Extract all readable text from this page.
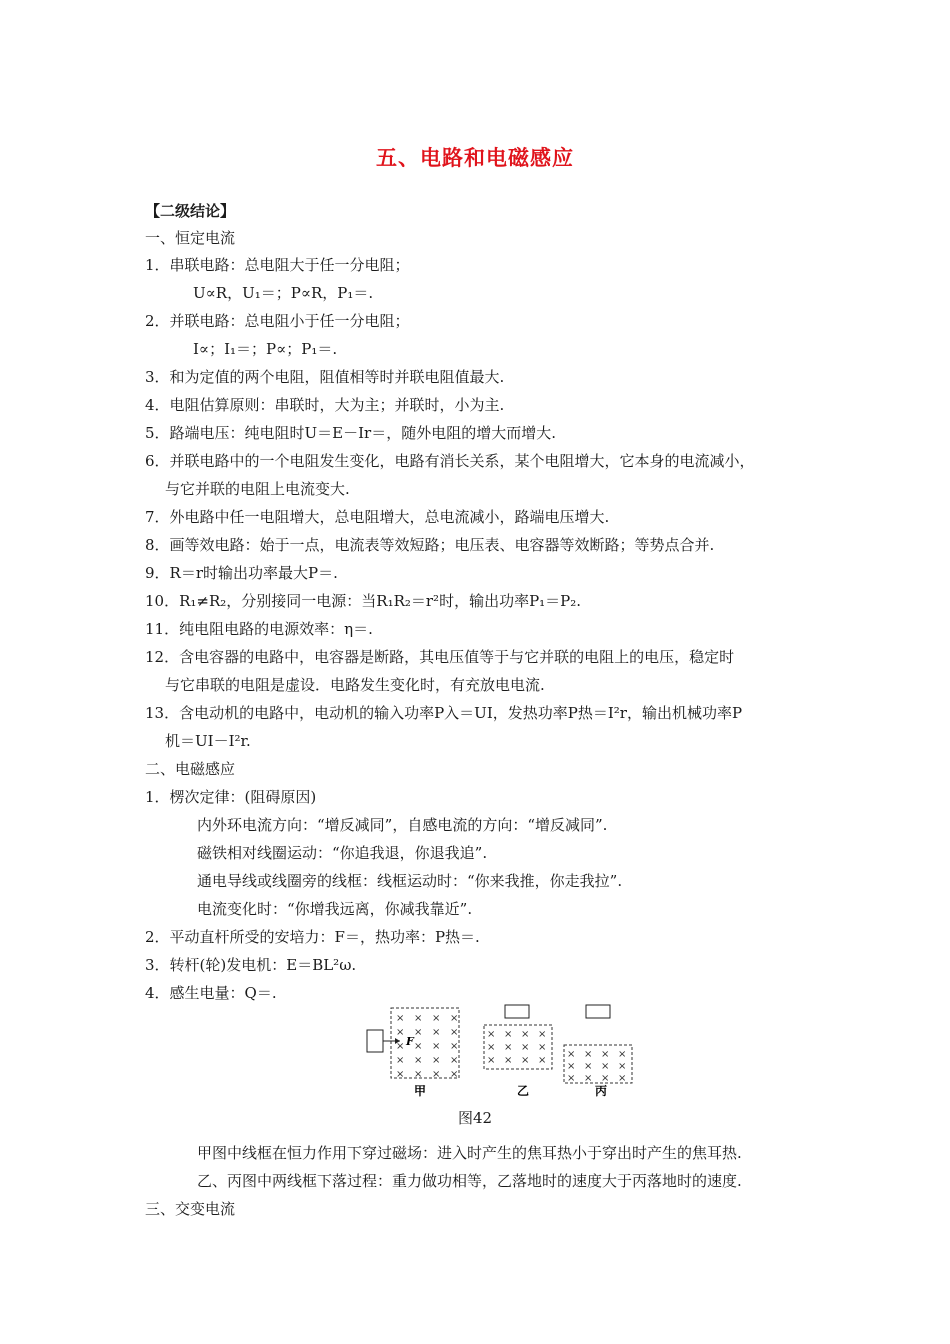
五、电路和电磁感应
【二级结论】
一、恒定电流
1．串联电路：总电阻大于任一分电阻；
U∝R，U₁＝；P∝R，P₁＝.
2．并联电路：总电阻小于任一分电阻；
I∝；I₁＝；P∝；P₁＝.
3．和为定值的两个电阻，阻值相等时并联电阻值最大.
4．电阻估算原则：串联时，大为主；并联时，小为主.
5．路端电压：纯电阻时U＝E－Ir＝，随外电阻的增大而增大.
6．并联电路中的一个电阻发生变化，电路有消长关系，某个电阻增大，它本身的电流减小，
与它并联的电阻上电流变大.
7．外电路中任一电阻增大，总电阻增大，总电流减小，路端电压增大.
8．画等效电路：始于一点，电流表等效短路；电压表、电容器等效断路；等势点合并.
9．R＝r时输出功率最大P＝.
10．R₁≠R₂，分别接同一电源：当R₁R₂＝r²时，输出功率P₁＝P₂.
11．纯电阻电路的电源效率：η＝.
12．含电容器的电路中，电容器是断路，其电压值等于与它并联的电阻上的电压，稳定时
与它串联的电阻是虚设．电路发生变化时，有充放电电流.
13．含电动机的电路中，电动机的输入功率P入＝UI，发热功率P热＝I²r，输出机械功率P
机＝UI－I²r.
二、电磁感应
1．楞次定律：(阻碍原因)
内外环电流方向：“增反减同”，自感电流的方向：“增反减同”.
磁铁相对线圈运动：“你追我退，你退我追”.
通电导线或线圈旁的线框：线框运动时：“你来我推，你走我拉”.
电流变化时：“你增我远离，你减我靠近”.
2．平动直杆所受的安培力：F＝，热功率：P热＝.
3．转杆(轮)发电机：E＝BL²ω.
4．感生电量：Q＝.
甲图中线框在恒力作用下穿过磁场：进入时产生的焦耳热小于穿出时产生的焦耳热.
乙、丙图中两线框下落过程：重力做功相等，乙落地时的速度大于丙落地时的速度.
三、交变电流
F
× × × ×
× × × ×
× × × ×
× × × ×
× × × ×
× × × ×
× × × ×
× × × ×
× × × ×
× × × ×
× × × ×
甲	乙	丙
图42
